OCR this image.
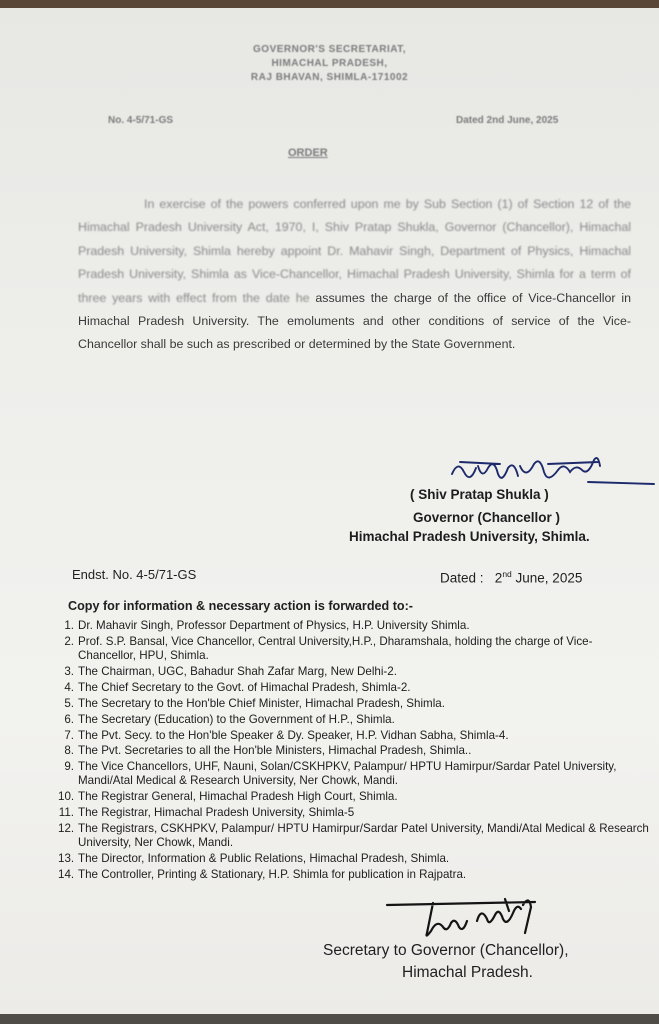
GOVERNOR'S SECRETARIAT,
HIMACHAL PRADESH,
RAJ BHAVAN, SHIMLA-171002
No. 4-5/71-GS	Dated 2nd June, 2025
ORDER
In exercise of the powers conferred upon me by Sub Section (1) of Section 12 of the Himachal Pradesh University Act, 1970, I, Shiv Pratap Shukla, Governor (Chancellor), Himachal Pradesh University, Shimla hereby appoint Dr. Mahavir Singh, Department of Physics, Himachal Pradesh University, Shimla as Vice-Chancellor, Himachal Pradesh University, Shimla for a term of three years with effect from the date he assumes the charge of the office of Vice-Chancellor in Himachal Pradesh University. The emoluments and other conditions of service of the Vice-Chancellor shall be such as prescribed or determined by the State Government.
( Shiv Pratap Shukla )
Governor (Chancellor )
Himachal Pradesh University, Shimla.
Endst. No. 4-5/71-GS	Dated : 2nd June, 2025
Copy for information & necessary action is forwarded to:-
1. Dr. Mahavir Singh, Professor Department of Physics, H.P. University Shimla.
2. Prof. S.P. Bansal, Vice Chancellor, Central University,H.P., Dharamshala, holding the charge of Vice-Chancellor, HPU, Shimla.
3. The Chairman, UGC, Bahadur Shah Zafar Marg, New Delhi-2.
4. The Chief Secretary to the Govt. of Himachal Pradesh, Shimla-2.
5. The Secretary to the Hon'ble Chief Minister, Himachal Pradesh, Shimla.
6. The Secretary (Education) to the Government of H.P., Shimla.
7. The Pvt. Secy. to the Hon'ble Speaker & Dy. Speaker, H.P. Vidhan Sabha, Shimla-4.
8. The Pvt. Secretaries to all the Hon'ble Ministers, Himachal Pradesh, Shimla..
9. The Vice Chancellors, UHF, Nauni, Solan/CSKHPKV, Palampur/ HPTU Hamirpur/Sardar Patel University, Mandi/Atal Medical & Research University, Ner Chowk, Mandi.
10. The Registrar General, Himachal Pradesh High Court, Shimla.
11. The Registrar, Himachal Pradesh University, Shimla-5
12. The Registrars, CSKHPKV, Palampur/ HPTU Hamirpur/Sardar Patel University, Mandi/Atal Medical & Research University, Ner Chowk, Mandi.
13. The Director, Information & Public Relations, Himachal Pradesh, Shimla.
14. The Controller, Printing & Stationary, H.P. Shimla for publication in Rajpatra.
Secretary to Governor (Chancellor),
Himachal Pradesh.
